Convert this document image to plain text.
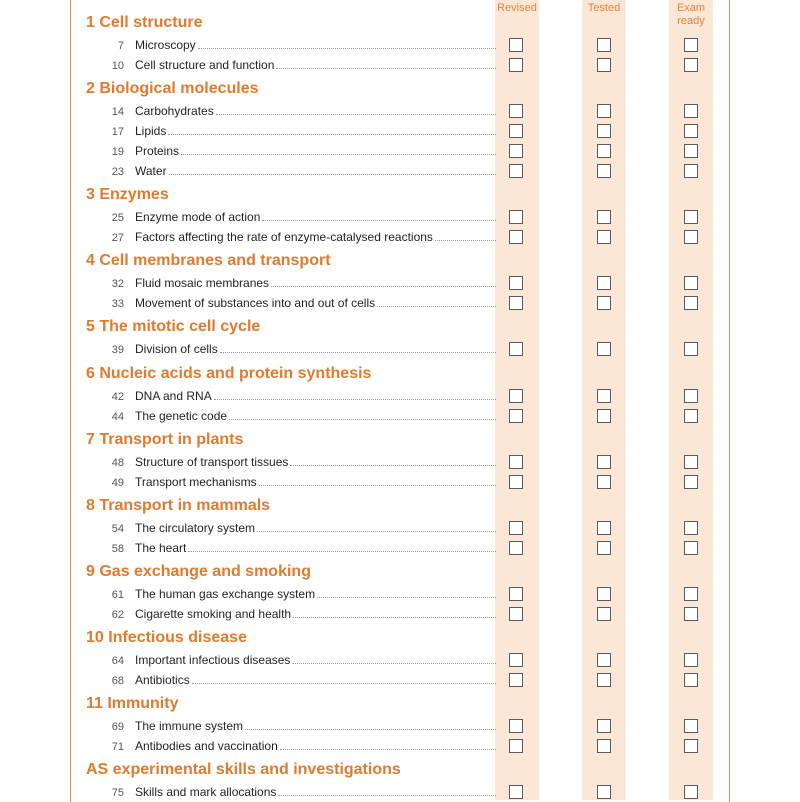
Revised	Tested	Exam
ready
1 Cell structure
7 Microscopy
10 Cell structure and function
2 Biological molecules
14 Carbohydrates
17 Lipids
19 Proteins
23 Water
3 Enzymes
25 Enzyme mode of action
27 Factors affecting the rate of enzyme-catalysed reactions
4 Cell membranes and transport
32 Fluid mosaic membranes
33 Movement of substances into and out of cells
5 The mitotic cell cycle
39 Division of cells
6 Nucleic acids and protein synthesis
42 DNA and RNA
44 The genetic code
7 Transport in plants
48 Structure of transport tissues
49 Transport mechanisms
8 Transport in mammals
54 The circulatory system
58 The heart
9 Gas exchange and smoking
61 The human gas exchange system
62 Cigarette smoking and health
10 Infectious disease
64 Important infectious diseases
68 Antibiotics
11 Immunity
69 The immune system
71 Antibodies and vaccination
AS experimental skills and investigations
75 Skills and mark allocations
